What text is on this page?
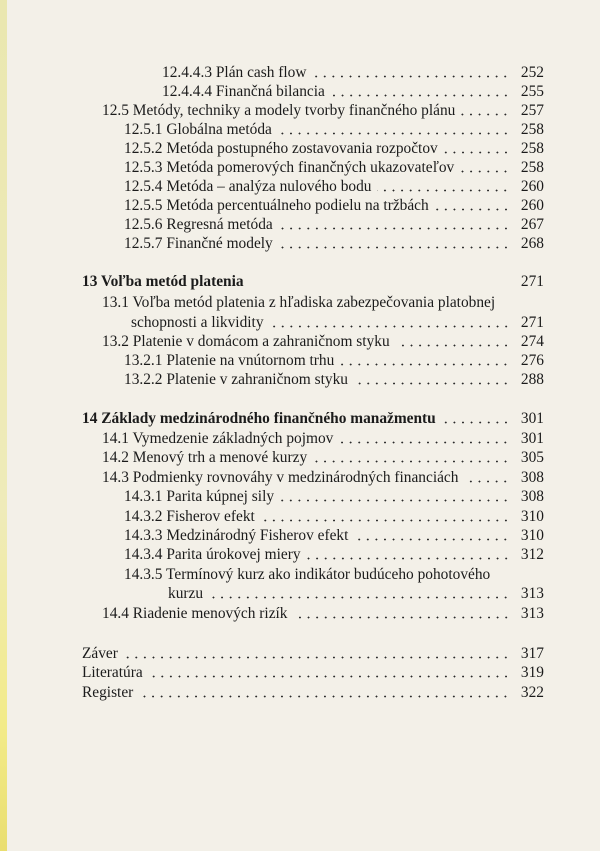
12.4.4.3 Plán cash flow	252
12.4.4.4 Finančná bilancia	255
12.5 Metódy, techniky a modely tvorby finančného plánu	257
12.5.1 Globálna metóda	258
12.5.2 Metóda postupného zostavovania rozpočtov	258
12.5.3 Metóda pomerových finančných ukazovateľov	258
12.5.4 Metóda – analýza nulového bodu	260
12.5.5 Metóda percentuálneho podielu na tržbách	260
12.5.6 Regresná metóda	267
12.5.7 Finančné modely	268
13 Voľba metód platenia	271
13.1 Voľba metód platenia z hľadiska zabezpečovania platobnej
schopnosti a likvidity	271
13.2 Platenie v domácom a zahraničnom styku	274
13.2.1 Platenie na vnútornom trhu	276
13.2.2 Platenie v zahraničnom styku	288
14 Základy medzinárodného finančného manažmentu	301
14.1 Vymedzenie základných pojmov	301
14.2 Menový trh a menové kurzy	305
14.3 Podmienky rovnováhy v medzinárodných financiách	308
14.3.1 Parita kúpnej sily	308
14.3.2 Fisherov efekt	310
14.3.3 Medzinárodný Fisherov efekt	310
14.3.4 Parita úrokovej miery	312
14.3.5 Termínový kurz ako indikátor budúceho pohotového
kurzu	313
14.4 Riadenie menových rizík	313
Záver	317
Literatúra	319
Register	322
